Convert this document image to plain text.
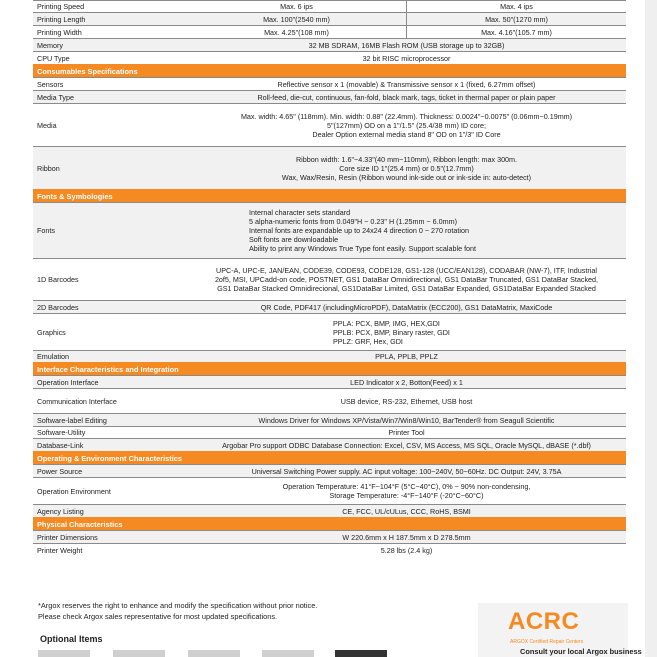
Printing Speed	Max. 6 ips	Max. 4 ips
Printing Length	Max. 100"(2540 mm)	Max. 50"(1270 mm)
Printing Width	Max. 4.25"(108 mm)	Max. 4.16"(105.7 mm)
Memory	32 MB SDRAM, 16MB Flash ROM (USB storage up to 32GB)	

CPU Type	32 bit RISC microprocessor	

Consumables Specifications		
Sensors	Reflective sensor x 1 (movable) & Transmissive sensor x 1 (fixed, 6.27mm offset)	

Media Type	Roll-feed, die-cut, continuous, fan-fold, black mark, tags, ticket in thermal paper or plain paper	

Media	Max. width: 4.65" (118mm). Min. width: 0.88" (22.4mm). Thickness: 0.0024"~0.0075" (0.06mm~0.19mm)
5"(127mm) OD on a 1"/1.5" (25.4/38 mm) ID core;
Dealer Option external media stand 8" OD on 1"/3" ID Core	

Ribbon	Ribbon width: 1.6"~4.33"(40 mm~110mm), Ribbon length: max 300m.
Core size ID 1"(25.4 mm) or 0.5"(12.7mm)
Wax, Wax/Resin, Resin (Ribbon wound ink-side out or ink-side in: auto-detect)	

Fonts & Symbologies		
Fonts	Internal character sets standard
5 alpha-numeric fonts from 0.049"H ~ 0.23" H (1.25mm ~ 6.0mm)
Internal fonts are expandable up to 24x24 4 direction 0 ~ 270 rotation
Soft fonts are downloadable
Ability to print any Windows True Type font easily. Support scalable font	

1D Barcodes	UPC-A, UPC-E, JAN/EAN, CODE39, CODE93, CODE128, GS1-128 (UCC/EAN128), CODABAR (NW-7), ITF, Industrial
2of5, MSI, UPCadd-on code, POSTNET, GS1 DataBar Omnidirectional, GS1 DataBar Truncated, GS1 DataBar Stacked,
GS1 DataBar Stacked Omnidirecional, GS1DataBar Limited, GS1 DataBar Expanded, GS1DataBar Expanded Stacked	

2D Barcodes	QR Code, PDF417 (includingMicroPDF), DataMatrix (ECC200), GS1 DataMatrix, MaxiCode	

Graphics	PPLA: PCX, BMP, IMG, HEX,GDI
PPLB: PCX, BMP, Binary raster, GDI
PPLZ: GRF, Hex, GDI	

Emulation	PPLA, PPLB, PPLZ	

Interface Characteristics and Integration		
Operation Interface	LED Indicator x 2, Botton(Feed) x 1	

Communication Interface	USB device, RS-232, Ethernet, USB host	

Software-label Editing	Windows Driver for Windows XP/Vista/Win7/Win8/Win10, BarTender® from Seagull Scientific	

Software-Utility	Printer Tool	

Database-Link	Argobar Pro support ODBC Database Connection: Excel, CSV, MS Access, MS SQL, Oracle MySQL, dBASE (*.dbf)	

Operating & Environment Characteristics		
Power Source	Universal Switching Power supply. AC input voltage: 100~240V, 50~60Hz. DC Output: 24V, 3.75A	

Operation Environment	Operation Temperature: 41°F~104°F (5°C~40°C), 0% ~ 90% non-condensing,
Storage Temperature: -4°F~140°F (-20°C~60°C)	

Agency Listing	CE, FCC, UL/cULus, CCC, RoHS, BSMI	

Physical Characteristics		
Printer Dimensions	W 220.6mm x H 187.5mm x D 278.5mm	

Printer Weight	5.28 lbs (2.4 kg)	
*Argox reserves the right to enhance and modify the specification without prior notice.
Please check Argox sales representative for most updated specifications.
Optional Items
ACRC
ARGOX Certified Repair Centers
Consult your local Argox business
